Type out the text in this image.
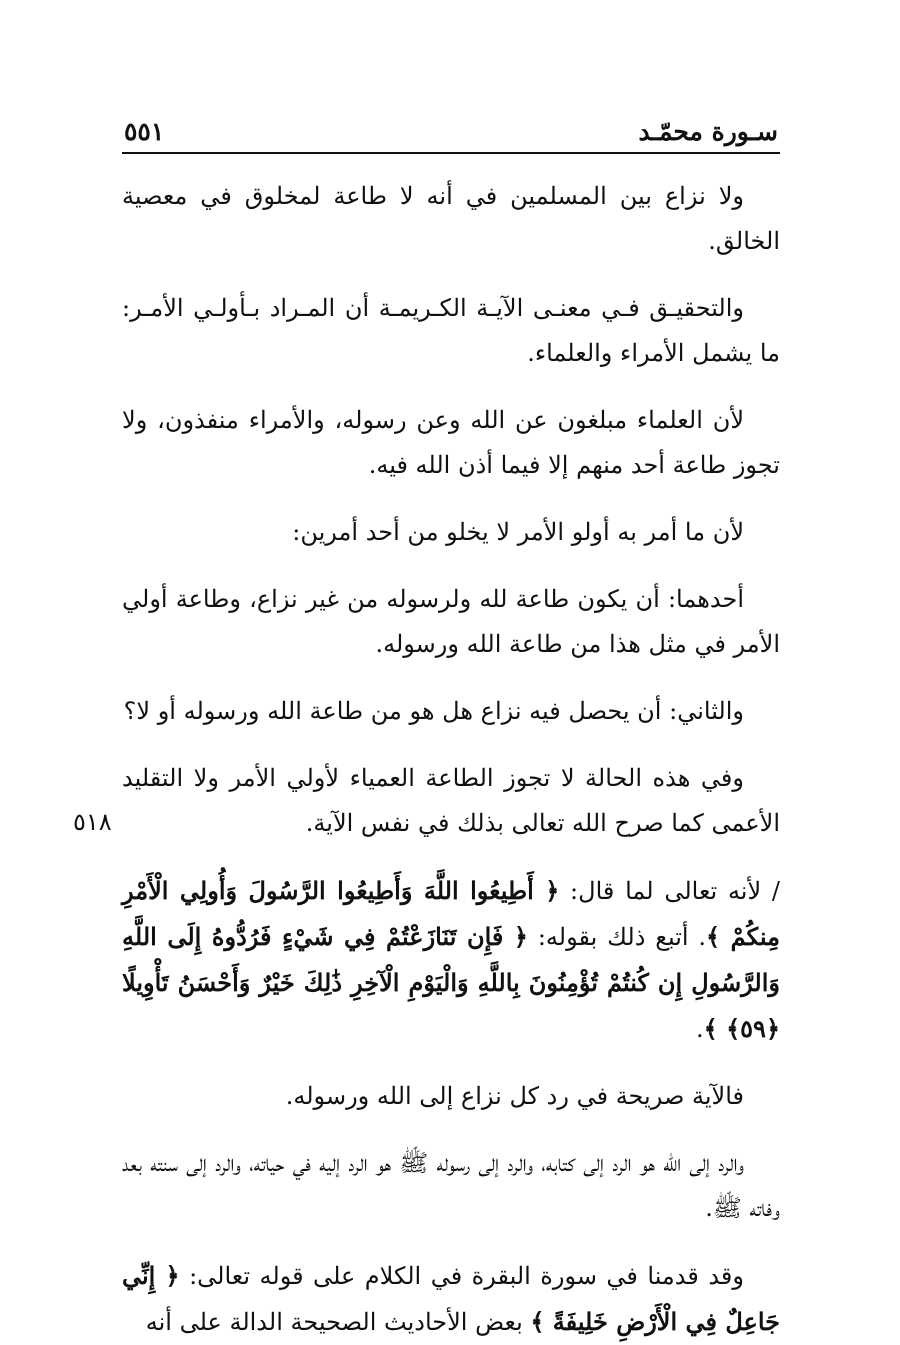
سـورة محمّـد
٥٥١

ولا نزاع بين المسلمين في أنه لا طاعة لمخلوق في معصية الخالق.

والتحقيـق فـي معنـى الآيـة الكـريمـة أن المـراد بـأولـي الأمـر: ما يشمل الأمراء والعلماء.

لأن العلماء مبلغون عن الله وعن رسوله، والأمراء منفذون، ولا تجوز طاعة أحد منهم إلا فيما أذن الله فيه.

لأن ما أمر به أولو الأمر لا يخلو من أحد أمرين:

أحدهما: أن يكون طاعة لله ولرسوله من غير نزاع، وطاعة أولي الأمر في مثل هذا من طاعة الله ورسوله.

والثاني: أن يحصل فيه نزاع هل هو من طاعة الله ورسوله أو لا؟

وفي هذه الحالة لا تجوز الطاعة العمياء لأولي الأمر ولا التقليد الأعمى كما صرح الله تعالى بذلك في نفس الآية.

/ لأنه تعالى لما قال: ﴿ أَطِيعُوا اللَّهَ وَأَطِيعُوا الرَّسُولَ وَأُولِي الْأَمْرِ مِنكُمْ ﴾. أتبع ذلك بقوله: ﴿ فَإِن تَنَازَعْتُمْ فِي شَيْءٍ فَرُدُّوهُ إِلَى اللَّهِ وَالرَّسُولِ إِن كُنتُمْ تُؤْمِنُونَ بِاللَّهِ وَالْيَوْمِ الْآخِرِ ذَٰلِكَ خَيْرٌ وَأَحْسَنُ تَأْوِيلًا ﴿٥٩﴾ ﴾.

فالآية صريحة في رد كل نزاع إلى الله ورسوله.

والرد إلى الله هو الرد إلى كتابه، والرد إلى رسوله ﷺ هو الرد إليه في حياته، والرد إلى سنته بعد وفاته ﷺ.

وقد قدمنا في سورة البقرة في الكلام على قوله تعالى: ﴿ إِنِّي جَاعِلٌ فِي الْأَرْضِ خَلِيفَةً ﴾ بعض الأحاديث الصحيحة الدالة على أنه

٥١٨
